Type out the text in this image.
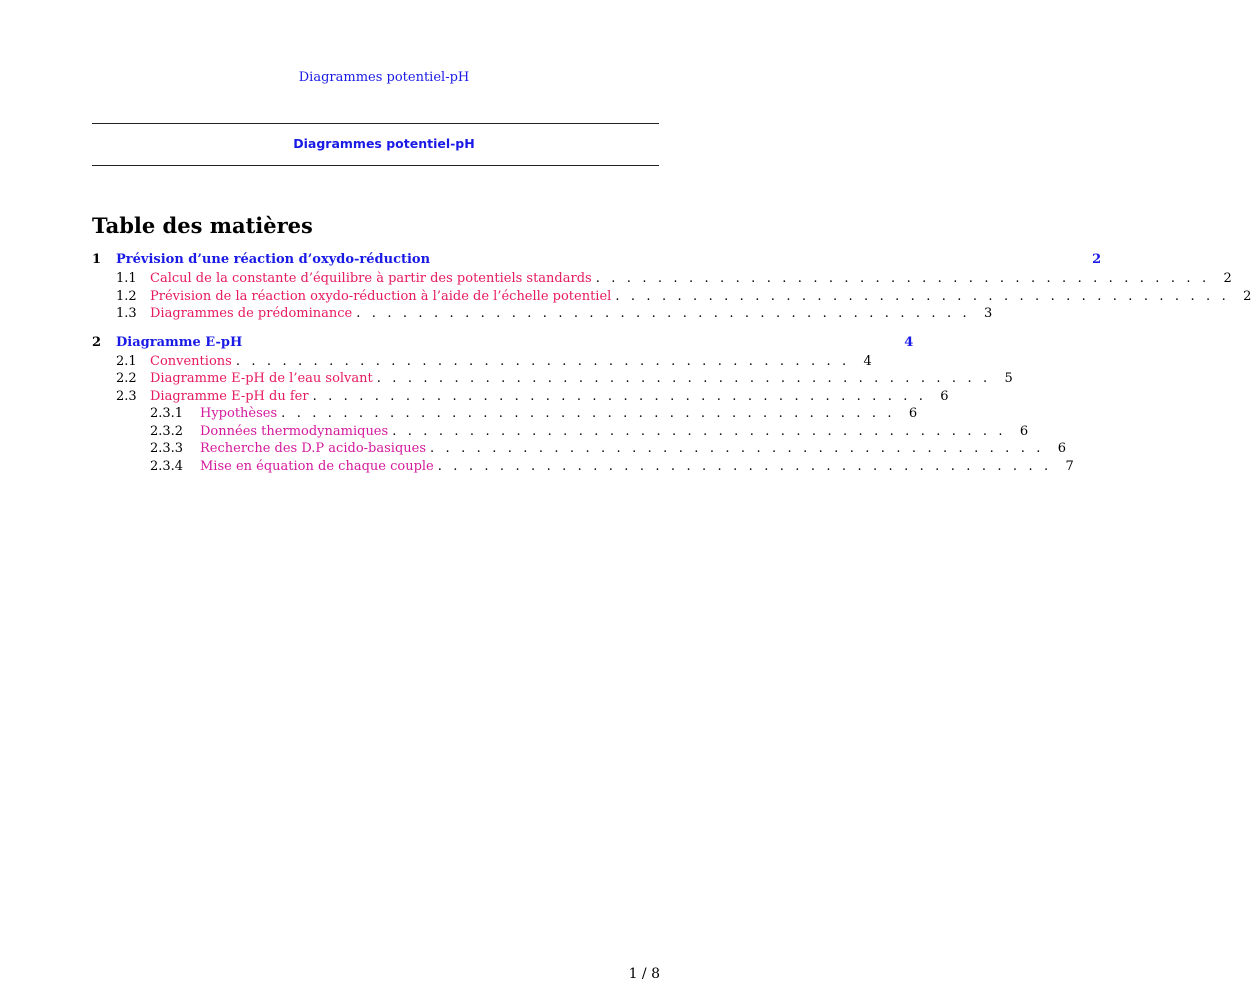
Diagrammes potentiel-pH
Diagrammes potentiel-pH
Table des matières
1	Prévision d’une réaction d’oxydo-réduction	2
1.1	Calcul de la constante d’équilibre à partir des potentiels standards . . . . . . . . . . . . . . . . . . . . . . . . . . . . . . . . . . . . . . . .	2
1.2	Prévision de la réaction oxydo-réduction à l’aide de l’échelle potentiel . . . . . . . . . . . . . . . . . . . . . . . . . . . . . . . . . . . . . . . .	2
1.3	Diagrammes de prédominance . . . . . . . . . . . . . . . . . . . . . . . . . . . . . . . . . . . . . . . .	3
2	Diagramme E-pH	4
2.1	Conventions . . . . . . . . . . . . . . . . . . . . . . . . . . . . . . . . . . . . . . . .	4
2.2	Diagramme E-pH de l’eau solvant . . . . . . . . . . . . . . . . . . . . . . . . . . . . . . . . . . . . . . . .	5
2.3	Diagramme E-pH du fer . . . . . . . . . . . . . . . . . . . . . . . . . . . . . . . . . . . . . . . .	6
2.3.1	Hypothèses . . . . . . . . . . . . . . . . . . . . . . . . . . . . . . . . . . . . . . . .	6
2.3.2	Données thermodynamiques . . . . . . . . . . . . . . . . . . . . . . . . . . . . . . . . . . . . . . . .	6
2.3.3	Recherche des D.P acido-basiques . . . . . . . . . . . . . . . . . . . . . . . . . . . . . . . . . . . . . . . .	6
2.3.4	Mise en équation de chaque couple . . . . . . . . . . . . . . . . . . . . . . . . . . . . . . . . . . . . . . . .	7
1 / 8
